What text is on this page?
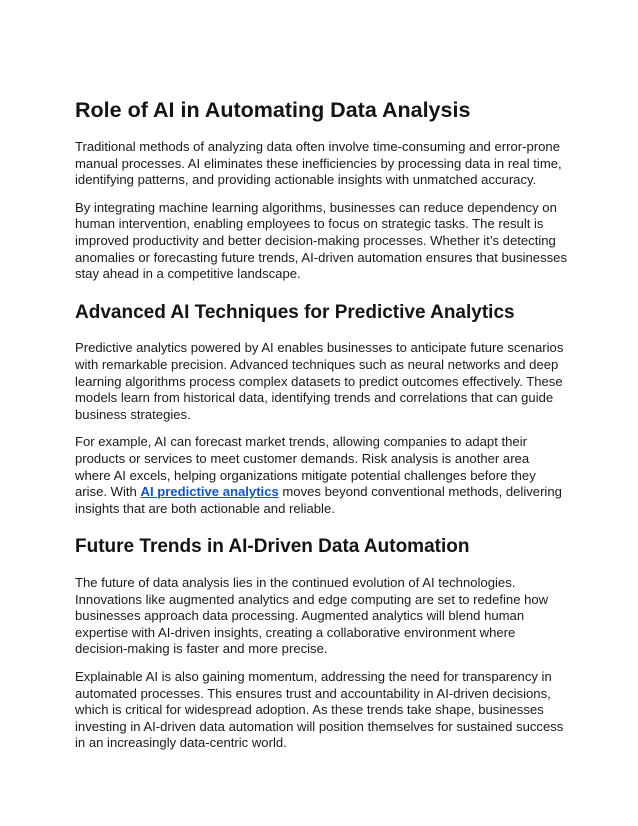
Role of AI in Automating Data Analysis

Traditional methods of analyzing data often involve time-consuming and error-prone manual processes. AI eliminates these inefficiencies by processing data in real time, identifying patterns, and providing actionable insights with unmatched accuracy.

By integrating machine learning algorithms, businesses can reduce dependency on human intervention, enabling employees to focus on strategic tasks. The result is improved productivity and better decision-making processes. Whether it’s detecting anomalies or forecasting future trends, AI-driven automation ensures that businesses stay ahead in a competitive landscape.

Advanced AI Techniques for Predictive Analytics

Predictive analytics powered by AI enables businesses to anticipate future scenarios with remarkable precision. Advanced techniques such as neural networks and deep learning algorithms process complex datasets to predict outcomes effectively. These models learn from historical data, identifying trends and correlations that can guide business strategies.

For example, AI can forecast market trends, allowing companies to adapt their products or services to meet customer demands. Risk analysis is another area where AI excels, helping organizations mitigate potential challenges before they arise. With AI predictive analytics moves beyond conventional methods, delivering insights that are both actionable and reliable.

Future Trends in AI-Driven Data Automation

The future of data analysis lies in the continued evolution of AI technologies. Innovations like augmented analytics and edge computing are set to redefine how businesses approach data processing. Augmented analytics will blend human expertise with AI-driven insights, creating a collaborative environment where decision-making is faster and more precise.

Explainable AI is also gaining momentum, addressing the need for transparency in automated processes. This ensures trust and accountability in AI-driven decisions, which is critical for widespread adoption. As these trends take shape, businesses investing in AI-driven data automation will position themselves for sustained success in an increasingly data-centric world.
